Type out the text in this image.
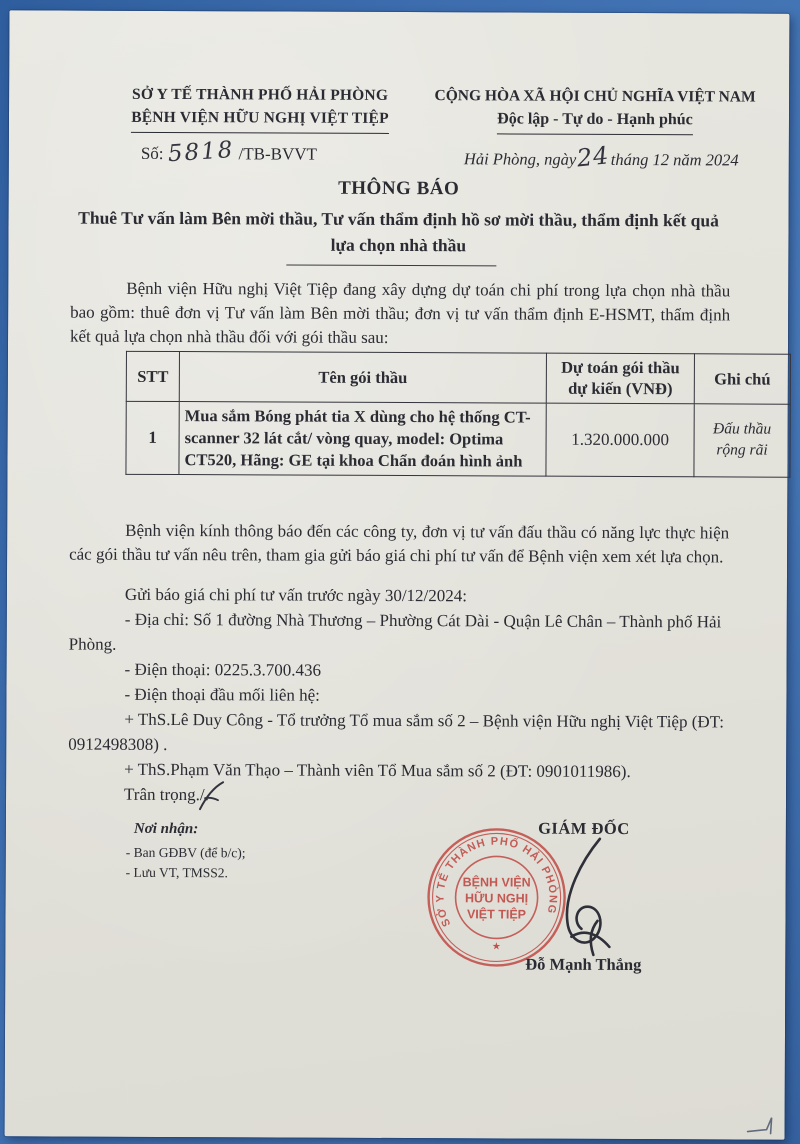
SỞ Y TẾ THÀNH PHỐ HẢI PHÒNG
BỆNH VIỆN HỮU NGHỊ VIỆT TIỆP
CỘNG HÒA XÃ HỘI CHỦ NGHĨA VIỆT NAM
Độc lập - Tự do - Hạnh phúc
Số: 5818 /TB-BVVT	Hải Phòng, ngày24tháng 12 năm 2024
THÔNG BÁO
Thuê Tư vấn làm Bên mời thầu, Tư vấn thẩm định hồ sơ mời thầu, thẩm định kết quả lựa chọn nhà thầu

Bệnh viện Hữu nghị Việt Tiệp đang xây dựng dự toán chi phí trong lựa chọn nhà thầu bao gồm: thuê đơn vị Tư vấn làm Bên mời thầu; đơn vị tư vấn thẩm định E-HSMT, thẩm định kết quả lựa chọn nhà thầu đối với gói thầu sau:

STT	Tên gói thầu	Dự toán gói thầu dự kiến (VNĐ)	Ghi chú
1	Mua sắm Bóng phát tia X dùng cho hệ thống CT-scanner 32 lát cắt/ vòng quay, model: Optima CT520, Hãng: GE tại khoa Chẩn đoán hình ảnh	1.320.000.000	Đấu thầu rộng rãi

Bệnh viện kính thông báo đến các công ty, đơn vị tư vấn đấu thầu có năng lực thực hiện các gói thầu tư vấn nêu trên, tham gia gửi báo giá chi phí tư vấn để Bệnh viện xem xét lựa chọn.

Gửi báo giá chi phí tư vấn trước ngày 30/12/2024:

- Địa chỉ: Số 1 đường Nhà Thương – Phường Cát Dài - Quận Lê Chân – Thành phố Hải Phòng.

- Điện thoại: 0225.3.700.436

- Điện thoại đầu mối liên hệ:

+ ThS.Lê Duy Công - Tổ trưởng Tổ mua sắm số 2 – Bệnh viện Hữu nghị Việt Tiệp (ĐT: 0912498308) .

+ ThS.Phạm Văn Thạo – Thành viên Tổ Mua sắm số 2 (ĐT: 0901011986).

Trân trọng./.

Nơi nhận:

- Ban GĐBV (để b/c);

- Lưu VT, TMSS2.

GIÁM ĐỐC
SỞ Y TẾ THÀNH PHỐ HẢI PHÒNG
BỆNH VIỆN
HỮU NGHỊ
VIỆT TIỆP
★
Đỗ Mạnh Thắng
